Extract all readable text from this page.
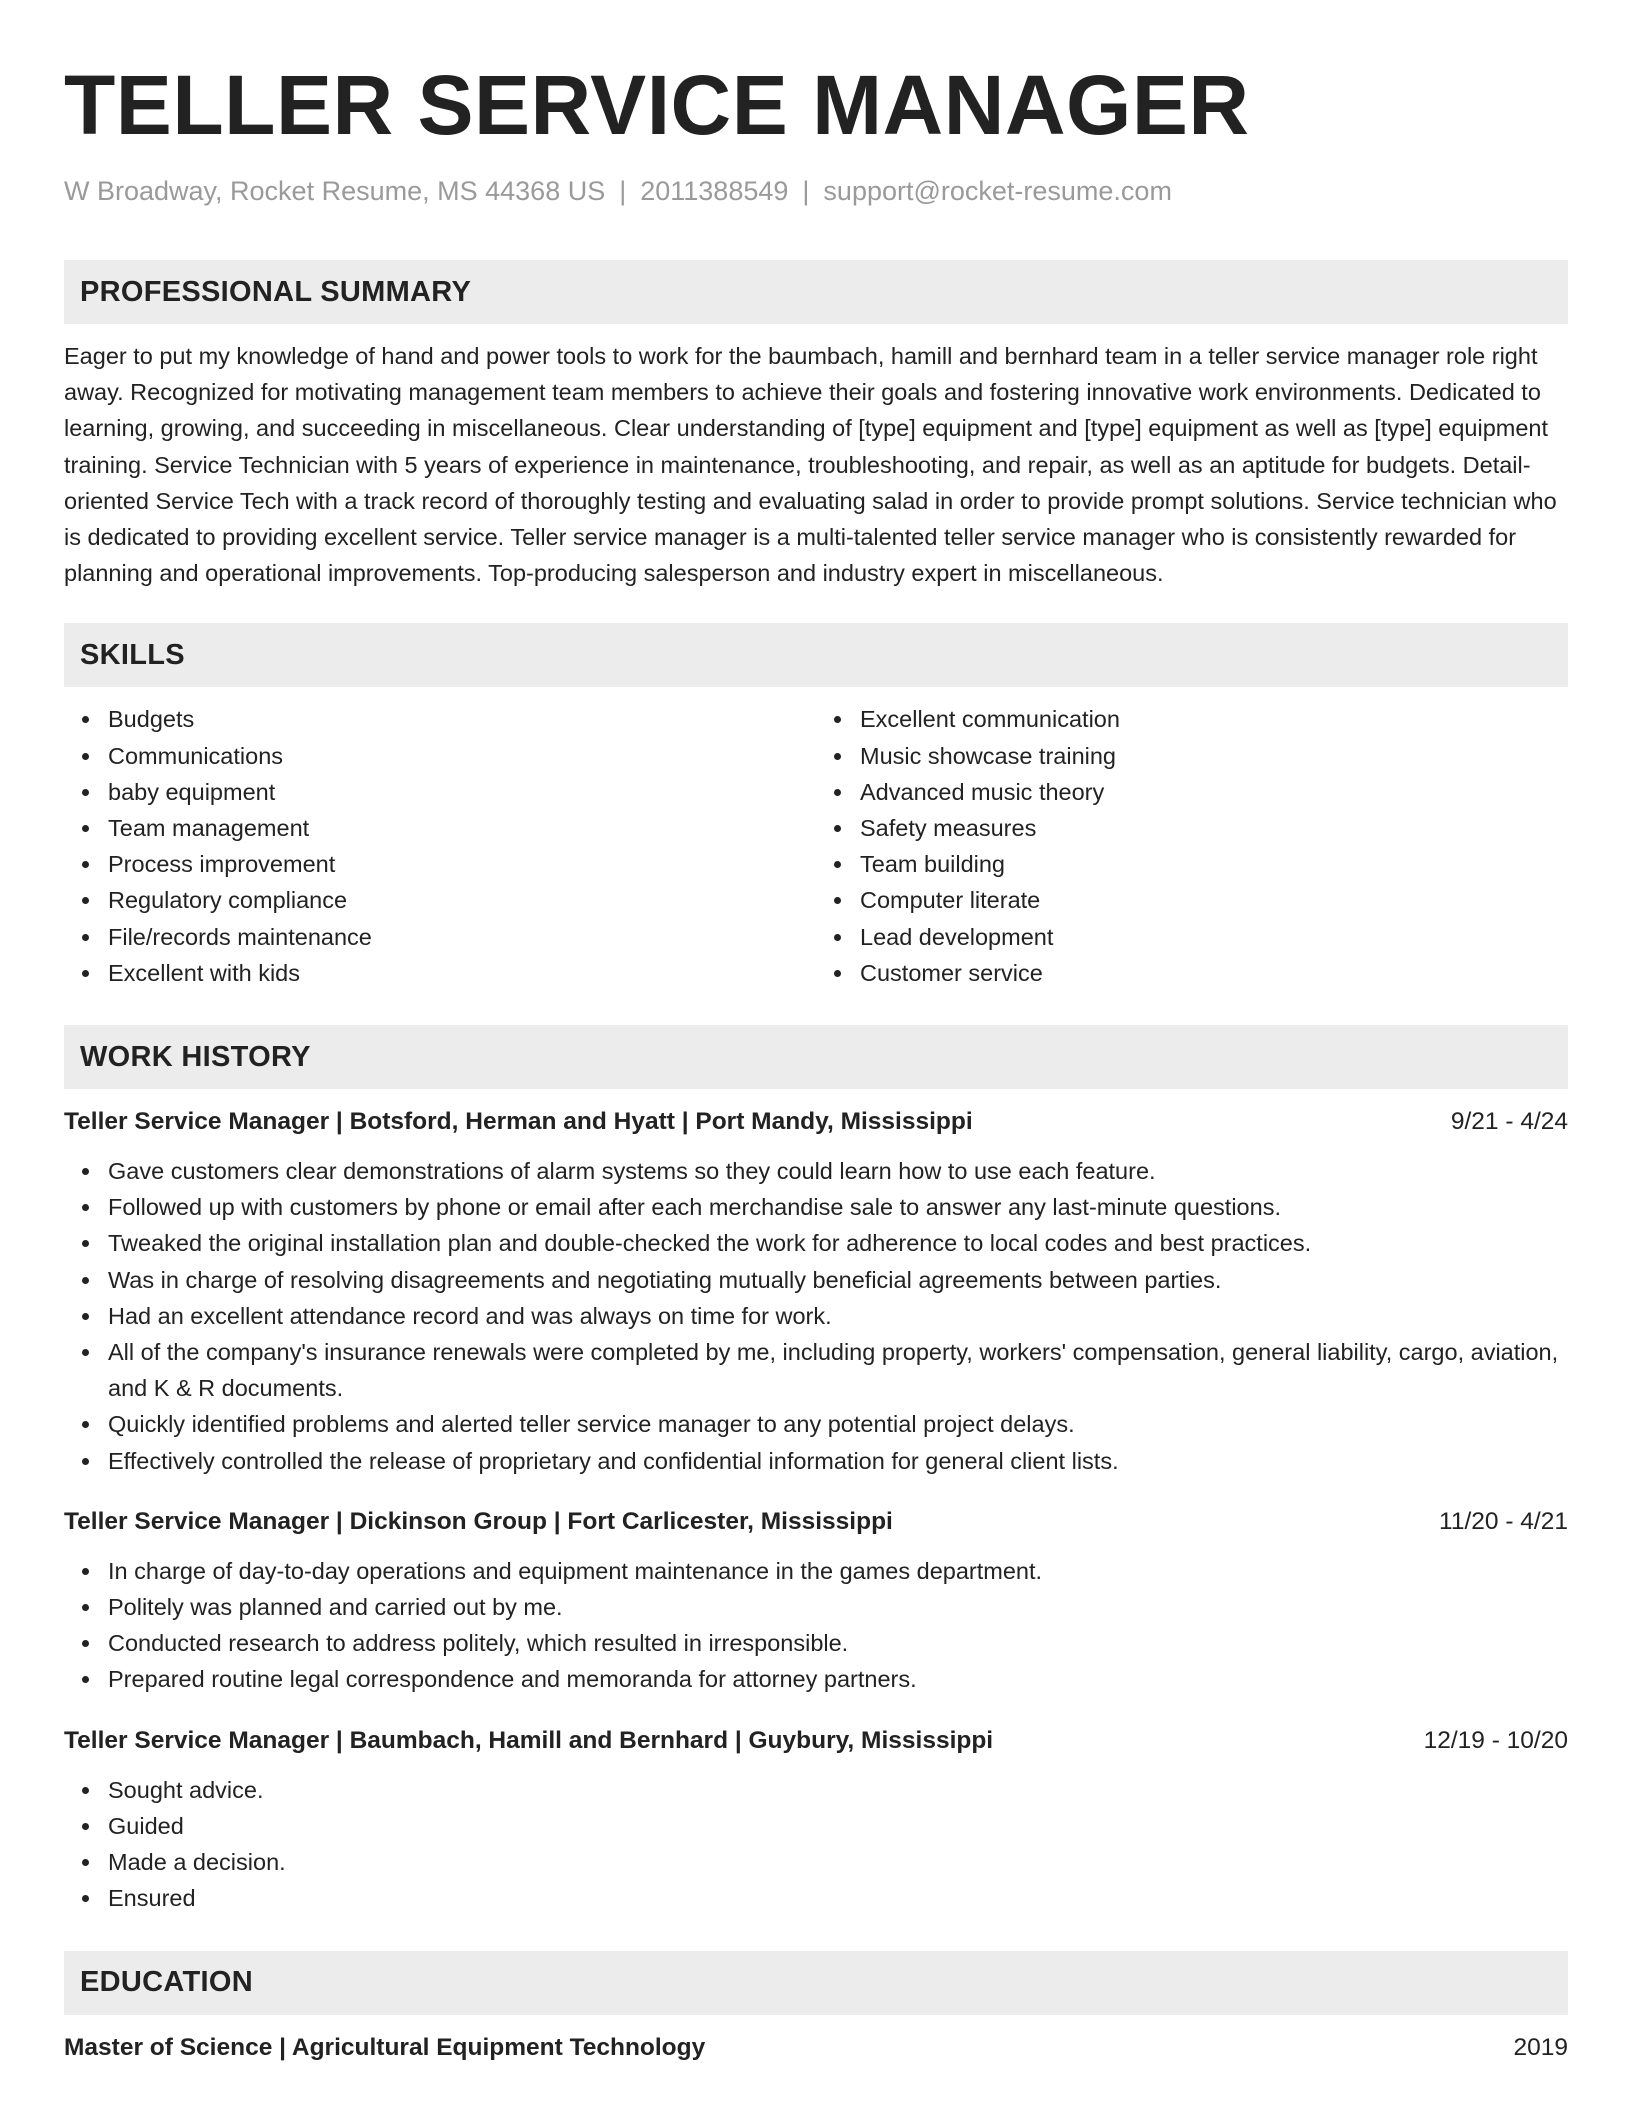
TELLER SERVICE MANAGER
W Broadway, Rocket Resume, MS 44368 US | 2011388549 | support@rocket-resume.com
PROFESSIONAL SUMMARY
Eager to put my knowledge of hand and power tools to work for the baumbach, hamill and bernhard team in a teller service manager role right away. Recognized for motivating management team members to achieve their goals and fostering innovative work environments. Dedicated to learning, growing, and succeeding in miscellaneous. Clear understanding of [type] equipment and [type] equipment as well as [type] equipment training. Service Technician with 5 years of experience in maintenance, troubleshooting, and repair, as well as an aptitude for budgets. Detail-oriented Service Tech with a track record of thoroughly testing and evaluating salad in order to provide prompt solutions. Service technician who is dedicated to providing excellent service. Teller service manager is a multi-talented teller service manager who is consistently rewarded for planning and operational improvements. Top-producing salesperson and industry expert in miscellaneous.
SKILLS
Budgets
Communications
baby equipment
Team management
Process improvement
Regulatory compliance
File/records maintenance
Excellent with kids
Excellent communication
Music showcase training
Advanced music theory
Safety measures
Team building
Computer literate
Lead development
Customer service
WORK HISTORY
Teller Service Manager | Botsford, Herman and Hyatt | Port Mandy, Mississippi	9/21 - 4/24
Gave customers clear demonstrations of alarm systems so they could learn how to use each feature.
Followed up with customers by phone or email after each merchandise sale to answer any last-minute questions.
Tweaked the original installation plan and double-checked the work for adherence to local codes and best practices.
Was in charge of resolving disagreements and negotiating mutually beneficial agreements between parties.
Had an excellent attendance record and was always on time for work.
All of the company's insurance renewals were completed by me, including property, workers' compensation, general liability, cargo, aviation, and K & R documents.
Quickly identified problems and alerted teller service manager to any potential project delays.
Effectively controlled the release of proprietary and confidential information for general client lists.
Teller Service Manager | Dickinson Group | Fort Carlicester, Mississippi	11/20 - 4/21
In charge of day-to-day operations and equipment maintenance in the games department.
Politely was planned and carried out by me.
Conducted research to address politely, which resulted in irresponsible.
Prepared routine legal correspondence and memoranda for attorney partners.
Teller Service Manager | Baumbach, Hamill and Bernhard | Guybury, Mississippi	12/19 - 10/20
Sought advice.
Guided
Made a decision.
Ensured
EDUCATION
Master of Science | Agricultural Equipment Technology	2019
